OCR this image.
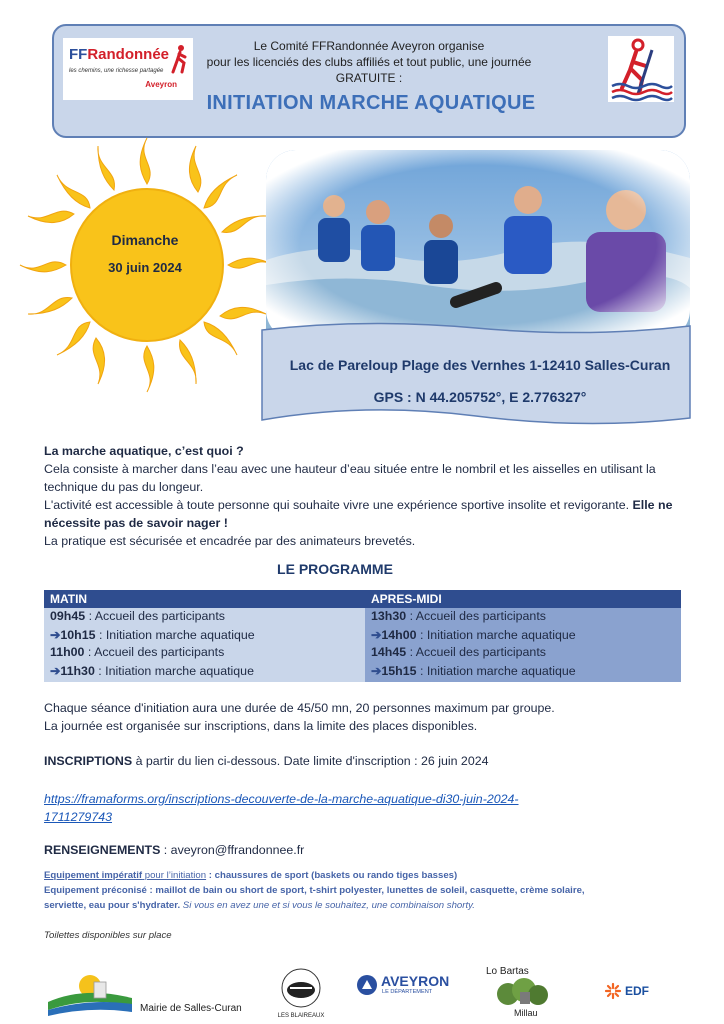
FFRandonnée
les chemins, une richesse partagée
Aveyron
Le Comité FFRandonnée Aveyron organise
pour les licenciés des clubs affiliés et tout public, une journée
GRATUITE :
INITIATION MARCHE AQUATIQUE
Dimanche
30 juin 2024
Lac de Pareloup Plage des Vernhes 1-12410 Salles-Curan
GPS : N 44.205752°, E 2.776327°
La marche aquatique, c’est quoi ?
Cela consiste à marcher dans l’eau avec une hauteur d’eau située entre le nombril et les aisselles en utilisant la technique du pas du longeur.
L'activité est accessible à toute personne qui souhaite vivre une expérience sportive insolite et revigorante. Elle ne nécessite pas de savoir nager !
La pratique est sécurisée et encadrée par des animateurs brevetés.
LE PROGRAMME
MATIN
09h45 : Accueil des participants
➔10h15 : Initiation marche aquatique
11h00 : Accueil des participants
➔11h30 : Initiation marche aquatique
APRES-MIDI
13h30 : Accueil des participants
➔14h00 : Initiation marche aquatique
14h45 : Accueil des participants
➔15h15 : Initiation marche aquatique
Chaque séance d'initiation aura une durée de 45/50 mn, 20 personnes maximum par groupe.
La journée est organisée sur inscriptions, dans la limite des places disponibles.
INSCRIPTIONS à partir du lien ci-dessous. Date limite d'inscription : 26 juin 2024
https://framaforms.org/inscriptions-decouverte-de-la-marche-aquatique-di30-juin-2024-
1711279743
RENSEIGNEMENTS : aveyron@ffrandonnee.fr
Equipement impératif pour l’initiation : chaussures de sport (baskets ou rando tiges basses)
Equipement préconisé : maillot de bain ou short de sport, t-shirt polyester, lunettes de soleil, casquette, crème solaire,
serviette, eau pour s'hydrater. Si vous en avez une et si vous le souhaitez, une combinaison shorty.
Toilettes disponibles sur place
Mairie de Salles-Curan
LES BLAIREAUX
AVEYRON
LE DÉPARTEMENT
Lo Bartas
Millau
EDF
